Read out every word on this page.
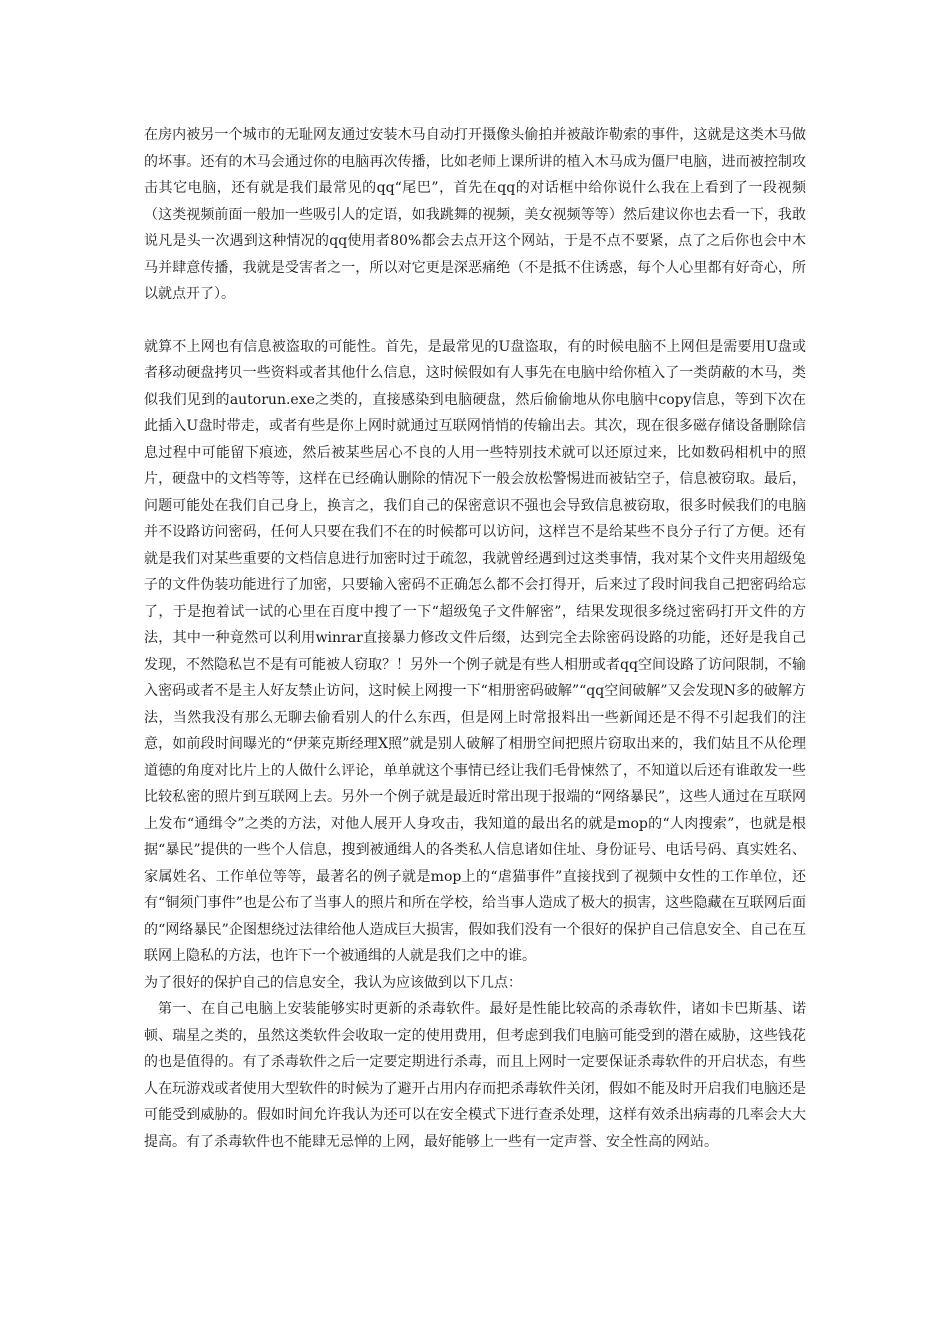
在房内被另一个城市的无耻网友通过安装木马自动打开摄像头偷拍并被敲诈勒索的事件，这就是这类木马做的坏事。还有的木马会通过你的电脑再次传播，比如老师上课所讲的植入木马成为僵尸电脑，进而被控制攻击其它电脑，还有就是我们最常见的qq“尾巴”，首先在qq的对话框中给你说什么我在上看到了一段视频（这类视频前面一般加一些吸引人的定语，如我跳舞的视频，美女视频等等）然后建议你也去看一下，我敢说凡是头一次遇到这种情况的qq使用者80%都会去点开这个网站，于是不点不要紧，点了之后你也会中木马并肆意传播，我就是受害者之一，所以对它更是深恶痛绝（不是抵不住诱惑，每个人心里都有好奇心，所以就点开了）。

就算不上网也有信息被盗取的可能性。首先，是最常见的U盘盗取，有的时候电脑不上网但是需要用U盘或者移动硬盘拷贝一些资料或者其他什么信息，这时候假如有人事先在电脑中给你植入了一类荫蔽的木马，类似我们见到的autorun.exe之类的，直接感染到电脑硬盘，然后偷偷地从你电脑中copy信息，等到下次在此插入U盘时带走，或者有些是你上网时就通过互联网悄悄的传输出去。其次，现在很多磁存储设备删除信息过程中可能留下痕迹，然后被某些居心不良的人用一些特别技术就可以还原过来，比如数码相机中的照片，硬盘中的文档等等，这样在已经确认删除的情况下一般会放松警惕进而被钻空子，信息被窃取。最后，问题可能处在我们自己身上，换言之，我们自己的保密意识不强也会导致信息被窃取，很多时候我们的电脑并不设路访问密码，任何人只要在我们不在的时候都可以访问，这样岂不是给某些不良分子行了方便。还有就是我们对某些重要的文档信息进行加密时过于疏忽，我就曾经遇到过这类事情，我对某个文件夹用超级兔子的文件伪装功能进行了加密，只要输入密码不正确怎么都不会打得开，后来过了段时间我自己把密码给忘了，于是抱着试一试的心里在百度中搜了一下“超级兔子文件解密”，结果发现很多绕过密码打开文件的方法，其中一种竟然可以利用winrar直接暴力修改文件后缀，达到完全去除密码设路的功能，还好是我自己发现，不然隐私岂不是有可能被人窃取？！另外一个例子就是有些人相册或者qq空间设路了访问限制，不输入密码或者不是主人好友禁止访问，这时候上网搜一下“相册密码破解”“qq空间破解”又会发现N多的破解方法，当然我没有那么无聊去偷看别人的什么东西，但是网上时常报料出一些新闻还是不得不引起我们的注意，如前段时间曝光的“伊莱克斯经理X照”就是别人破解了相册空间把照片窃取出来的，我们姑且不从伦理道德的角度对比片上的人做什么评论，单单就这个事情已经让我们毛骨悚然了，不知道以后还有谁敢发一些比较私密的照片到互联网上去。另外一个例子就是最近时常出现于报端的“网络暴民”，这些人通过在互联网上发布“通缉令”之类的方法，对他人展开人身攻击，我知道的最出名的就是mop的“人肉搜索”，也就是根据“暴民”提供的一些个人信息，搜到被通缉人的各类私人信息诸如住址、身份证号、电话号码、真实姓名、家属姓名、工作单位等等，最著名的例子就是mop上的“虐猫事件”直接找到了视频中女性的工作单位，还有“铜须门事件”也是公布了当事人的照片和所在学校，给当事人造成了极大的损害，这些隐藏在互联网后面的“网络暴民”企图想绕过法律给他人造成巨大损害，假如我们没有一个很好的保护自己信息安全、自己在互联网上隐私的方法，也许下一个被通缉的人就是我们之中的谁。

为了很好的保护自己的信息安全，我认为应该做到以下几点：

第一、在自己电脑上安装能够实时更新的杀毒软件。最好是性能比较高的杀毒软件，诸如卡巴斯基、诺顿、瑞星之类的，虽然这类软件会收取一定的使用费用，但考虑到我们电脑可能受到的潜在威胁，这些钱花的也是值得的。有了杀毒软件之后一定要定期进行杀毒，而且上网时一定要保证杀毒软件的开启状态，有些人在玩游戏或者使用大型软件的时候为了避开占用内存而把杀毒软件关闭，假如不能及时开启我们电脑还是可能受到威胁的。假如时间允许我认为还可以在安全模式下进行查杀处理，这样有效杀出病毒的几率会大大提高。有了杀毒软件也不能肆无忌惮的上网，最好能够上一些有一定声誉、安全性高的网站。
